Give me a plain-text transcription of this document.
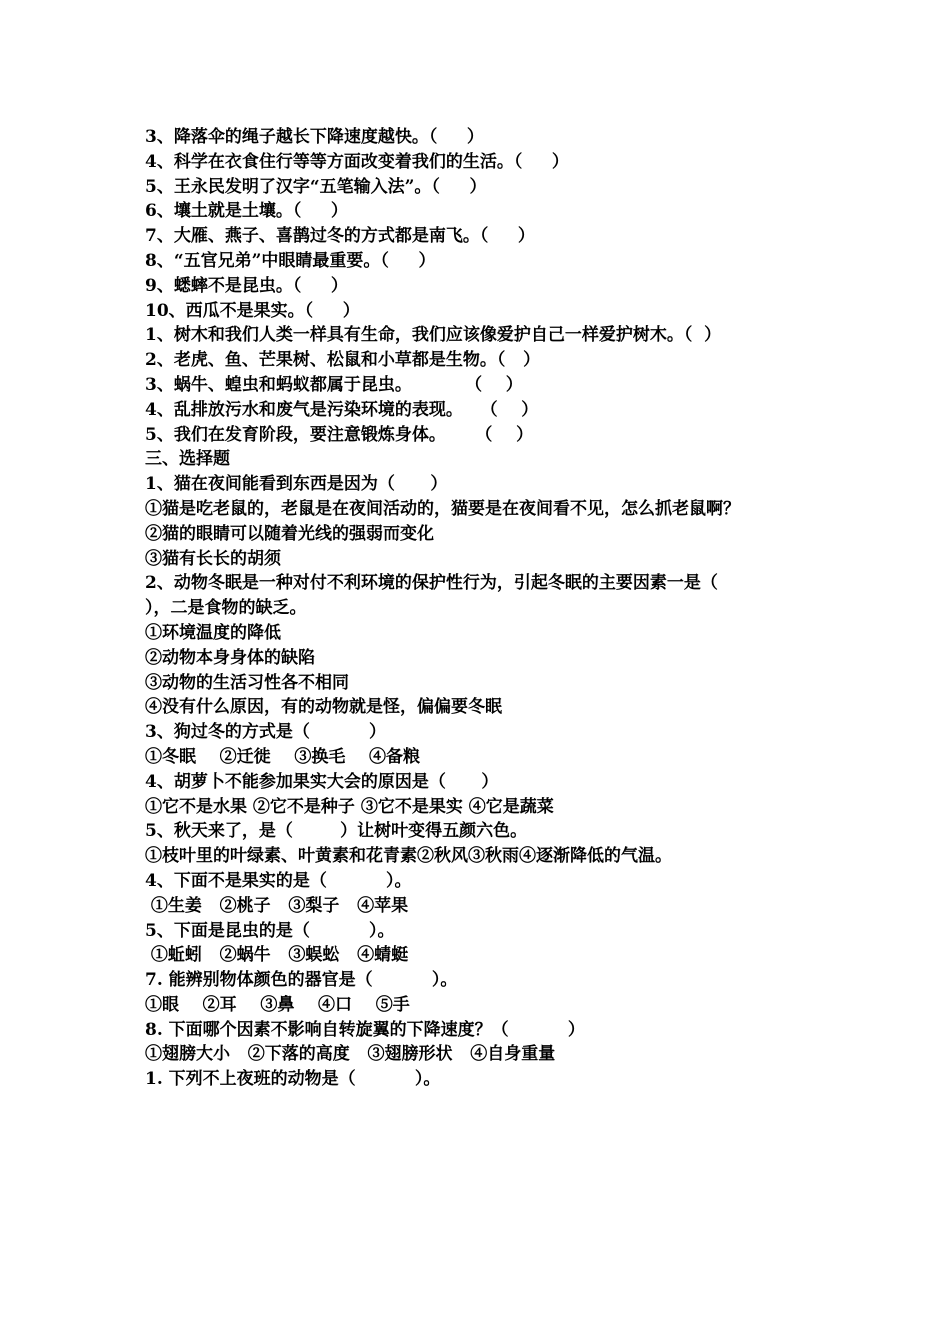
3、降落伞的绳子越长下降速度越快。（     ）
4、科学在衣食住行等等方面改变着我们的生活。（     ）
5、王永民发明了汉字“五笔输入法”。（     ）
6、壤土就是土壤。（     ）
7、大雁、燕子、喜鹊过冬的方式都是南飞。（     ）
8、“五官兄弟”中眼睛最重要。（     ）
9、蟋蟀不是昆虫。（     ）
10、西瓜不是果实。（     ）
1、树木和我们人类一样具有生命，我们应该像爱护自己一样爱护树木。（  ）
2、老虎、鱼、芒果树、松鼠和小草都是生物。（   ）
3、蜗牛、蝗虫和蚂蚁都属于昆虫。         （    ）
4、乱排放污水和废气是污染环境的表现。   （    ）
5、我们在发育阶段，要注意锻炼身体。     （    ）
三、选择题
1、猫在夜间能看到东西是因为（      ）
①猫是吃老鼠的，老鼠是在夜间活动的，猫要是在夜间看不见，怎么抓老鼠啊？
②猫的眼睛可以随着光线的强弱而变化
③猫有长长的胡须
2、动物冬眠是一种对付不利环境的保护性行为，引起冬眠的主要因素一是（
），二是食物的缺乏。
①环境温度的降低
②动物本身身体的缺陷
③动物的生活习性各不相同
④没有什么原因，有的动物就是怪，偏偏要冬眠
3、狗过冬的方式是（          ）
①冬眠    ②迁徙    ③换毛    ④备粮
4、胡萝卜不能参加果实大会的原因是（      ）
①它不是水果 ②它不是种子 ③它不是果实 ④它是蔬菜
5、秋天来了，是（        ）让树叶变得五颜六色。
①枝叶里的叶绿素、叶黄素和花青素②秋风③秋雨④逐渐降低的气温。
4、下面不是果实的是（          ）。
①生姜   ②桃子   ③梨子   ④苹果
5、下面是昆虫的是（          ）。
①蚯蚓   ②蜗牛   ③蜈蚣   ④蜻蜓
7. 能辨别物体颜色的器官是（          ）。
①眼    ②耳    ③鼻    ④口    ⑤手
8. 下面哪个因素不影响自转旋翼的下降速度？（          ）
①翅膀大小   ②下落的高度   ③翅膀形状   ④自身重量
1. 下列不上夜班的动物是（          ）。
